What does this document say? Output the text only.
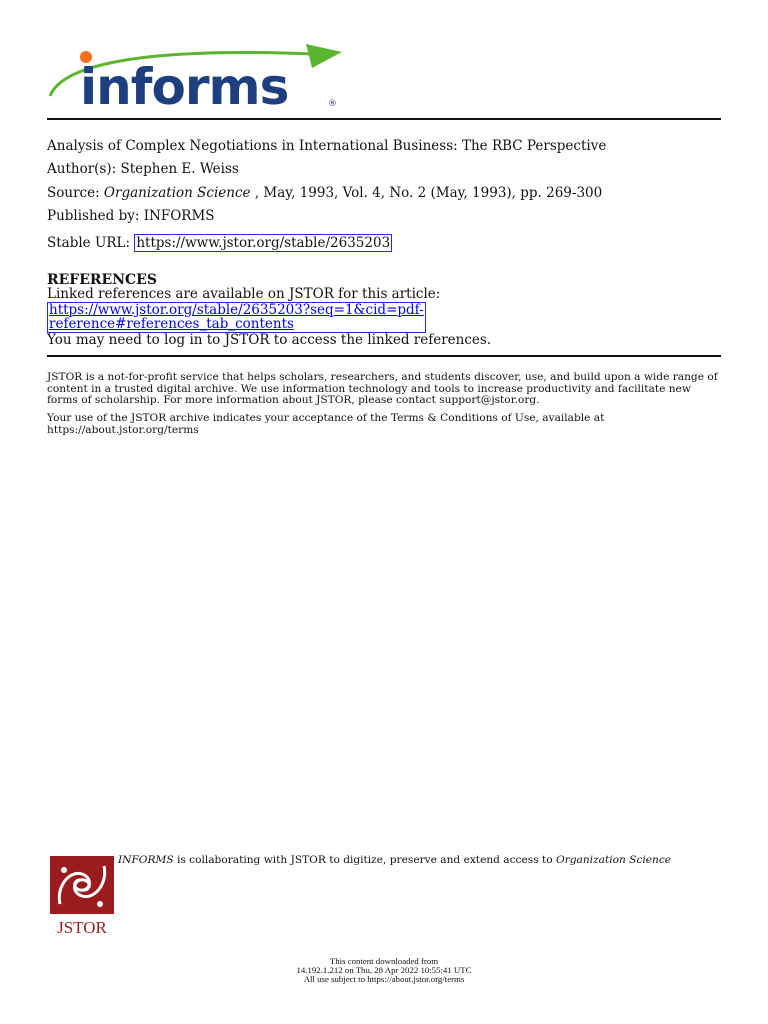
informs	®
Analysis of Complex Negotiations in International Business: The RBC Perspective
Author(s): Stephen E. Weiss
Source: Organization Science , May, 1993, Vol. 4, No. 2 (May, 1993), pp. 269-300
Published by: INFORMS
Stable URL: https://www.jstor.org/stable/2635203
REFERENCES
Linked references are available on JSTOR for this article:
https://www.jstor.org/stable/2635203?seq=1&cid=pdf-
reference#references_tab_contents
You may need to log in to JSTOR to access the linked references.
JSTOR is a not-for-profit service that helps scholars, researchers, and students discover, use, and build upon a wide range of content in a trusted digital archive. We use information technology and tools to increase productivity and facilitate new forms of scholarship. For more information about JSTOR, please contact support@jstor.org.
Your use of the JSTOR archive indicates your acceptance of the Terms & Conditions of Use, available at https://about.jstor.org/terms
JSTOR
INFORMS is collaborating with JSTOR to digitize, preserve and extend access to Organization Science
This content downloaded from
14.192.1.212 on Thu, 28 Apr 2022 10:55:41 UTC
All use subject to https://about.jstor.org/terms
